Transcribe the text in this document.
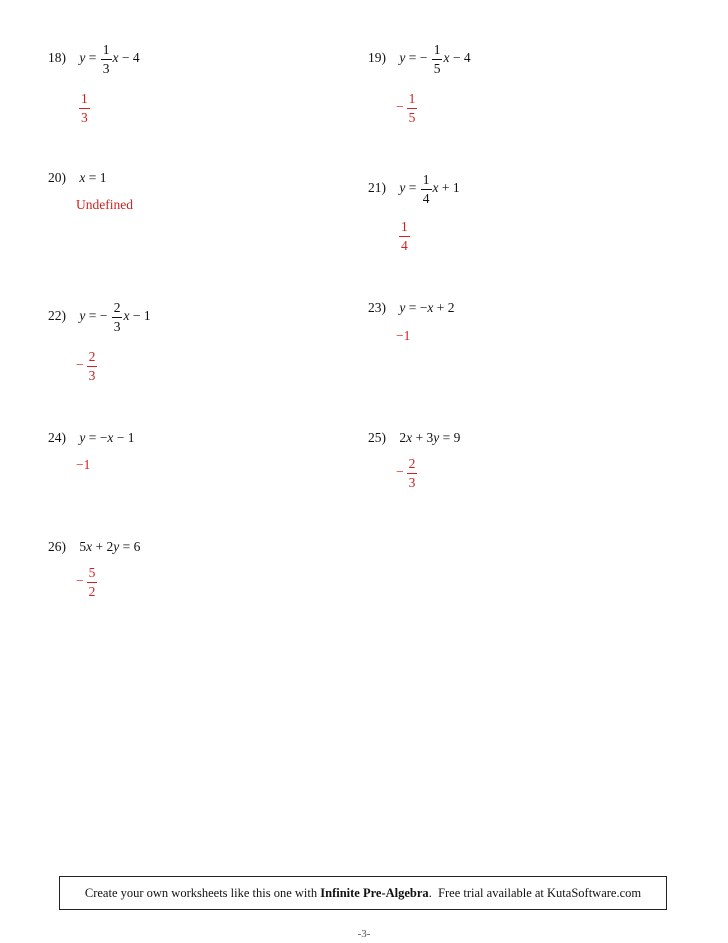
18) $y = \frac{1}{3}$ x − 4
$\frac{1}{3}$
19) y = − $\frac{1}{5}$ x − 4
− $\frac{1}{5}$
20) x = 1
Undefined
21) $y = \frac{1}{4}$ x + 1
$\frac{1}{4}$
22) y = − $\frac{2}{3}$ x − 1
− $\frac{2}{3}$
23) y = −x + 2
−1
24) y = −x − 1
−1
25) 2x + 3y = 9
− $\frac{2}{3}$
26) 5x + 2y = 6
− $\frac{5}{2}$
Create your own worksheets like this one with Infinite Pre-Algebra .  Free trial available at KutaSoftware.com
-3-
